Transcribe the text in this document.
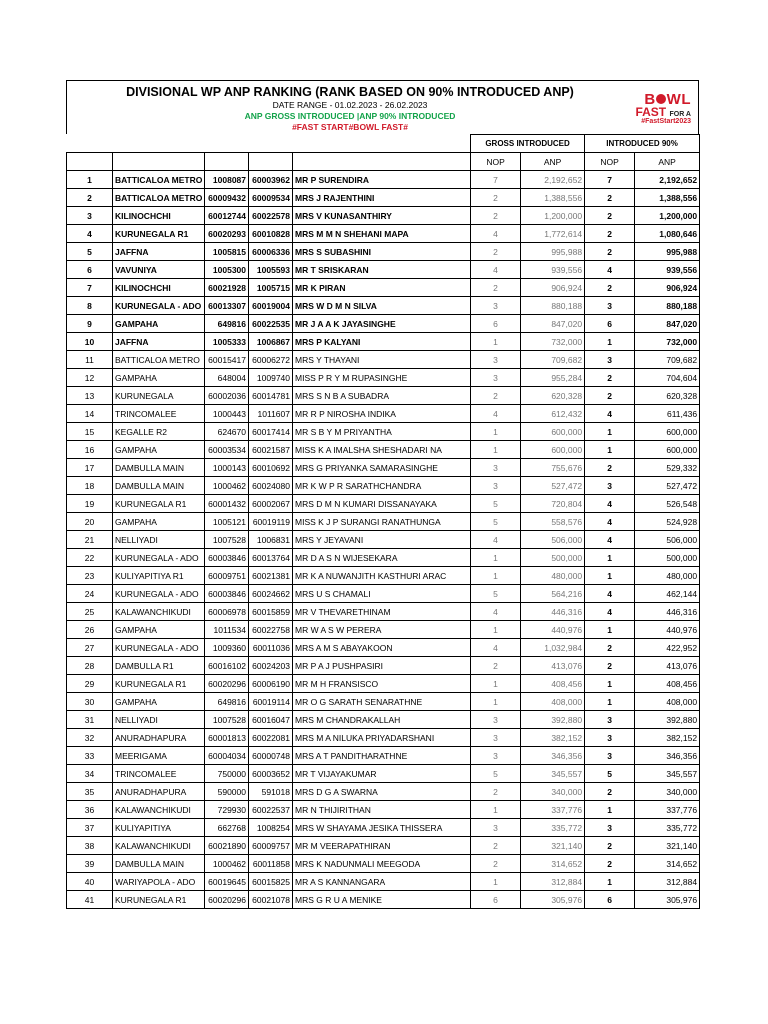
DIVISIONAL WP ANP RANKING (RANK BASED ON 90% INTRODUCED ANP)
DATE RANGE - 01.02.2023 - 26.02.2023
ANP GROSS INTRODUCED |ANP 90% INTRODUCED
#FAST START#BOWL FAST#
B WL
FAST FOR A
#FastStart2023
					GROSS INTRODUCED		INTRODUCED 90%	
					NOP	ANP	NOP	ANP
1	BATTICALOA METRO	1008087	60003962	MR P SURENDIRA	7	2,192,652	7	2,192,652
2	BATTICALOA METRO	60009432	60009534	MRS J RAJENTHINI	2	1,388,556	2	1,388,556
3	KILINOCHCHI	60012744	60022578	MRS V KUNASANTHIRY	2	1,200,000	2	1,200,000
4	KURUNEGALA R1	60020293	60010828	MRS M M N SHEHANI MAPA	4	1,772,614	2	1,080,646
5	JAFFNA	1005815	60006336	MRS S SUBASHINI	2	995,988	2	995,988
6	VAVUNIYA	1005300	1005593	MR T SRISKARAN	4	939,556	4	939,556
7	KILINOCHCHI	60021928	1005715	MR K PIRAN	2	906,924	2	906,924
8	KURUNEGALA - ADO	60013307	60019004	MRS W D M N SILVA	3	880,188	3	880,188
9	GAMPAHA	649816	60022535	MR J A A K JAYASINGHE	6	847,020	6	847,020
10	JAFFNA	1005333	1006867	MRS P KALYANI	1	732,000	1	732,000
11	BATTICALOA METRO	60015417	60006272	MRS Y THAYANI	3	709,682	3	709,682
12	GAMPAHA	648004	1009740	MISS P R Y M RUPASINGHE	3	955,284	2	704,604
13	KURUNEGALA	60002036	60014781	MRS S N B A SUBADRA	2	620,328	2	620,328
14	TRINCOMALEE	1000443	1011607	MR R P NIROSHA INDIKA	4	612,432	4	611,436
15	KEGALLE R2	624670	60017414	MR S B Y M PRIYANTHA	1	600,000	1	600,000
16	GAMPAHA	60003534	60021587	MISS K A IMALSHA SHESHADARI NA	1	600,000	1	600,000
17	DAMBULLA MAIN	1000143	60010692	MRS G PRIYANKA SAMARASINGHE	3	755,676	2	529,332
18	DAMBULLA MAIN	1000462	60024080	MR K W P R SARATHCHANDRA	3	527,472	3	527,472
19	KURUNEGALA R1	60001432	60002067	MRS D M N KUMARI DISSANAYAKA	5	720,804	4	526,548
20	GAMPAHA	1005121	60019119	MISS K J P SURANGI RANATHUNGA	5	558,576	4	524,928
21	NELLIYADI	1007528	1006831	MRS Y JEYAVANI	4	506,000	4	506,000
22	KURUNEGALA - ADO	60003846	60013764	MR D A S N WIJESEKARA	1	500,000	1	500,000
23	KULIYAPITIYA R1	60009751	60021381	MR K A NUWANJITH KASTHURI ARAC	1	480,000	1	480,000
24	KURUNEGALA - ADO	60003846	60024662	MRS U S CHAMALI	5	564,216	4	462,144
25	KALAWANCHIKUDI	60006978	60015859	MR V THEVARETHINAM	4	446,316	4	446,316
26	GAMPAHA	1011534	60022758	MR W A S W PERERA	1	440,976	1	440,976
27	KURUNEGALA - ADO	1009360	60011036	MRS A M S ABAYAKOON	4	1,032,984	2	422,952
28	DAMBULLA R1	60016102	60024203	MR P A J PUSHPASIRI	2	413,076	2	413,076
29	KURUNEGALA R1	60020296	60006190	MR M H FRANSISCO	1	408,456	1	408,456
30	GAMPAHA	649816	60019114	MR O G SARATH SENARATHNE	1	408,000	1	408,000
31	NELLIYADI	1007528	60016047	MRS M CHANDRAKALLAH	3	392,880	3	392,880
32	ANURADHAPURA	60001813	60022081	MRS M A NILUKA PRIYADARSHANI	3	382,152	3	382,152
33	MEERIGAMA	60004034	60000748	MRS A T PANDITHARATHNE	3	346,356	3	346,356
34	TRINCOMALEE	750000	60003652	MR T VIJAYAKUMAR	5	345,557	5	345,557
35	ANURADHAPURA	590000	591018	MRS D G A SWARNA	2	340,000	2	340,000
36	KALAWANCHIKUDI	729930	60022537	MR N THIJIRITHAN	1	337,776	1	337,776
37	KULIYAPITIYA	662768	1008254	MRS W SHAYAMA JESIKA THISSERA	3	335,772	3	335,772
38	KALAWANCHIKUDI	60021890	60009757	MR M VEERAPATHIRAN	2	321,140	2	321,140
39	DAMBULLA MAIN	1000462	60011858	MRS K NADUNMALI MEEGODA	2	314,652	2	314,652
40	WARIYAPOLA - ADO	60019645	60015825	MR A S KANNANGARA	1	312,884	1	312,884
41	KURUNEGALA R1	60020296	60021078	MRS G R U A MENIKE	6	305,976	6	305,976
